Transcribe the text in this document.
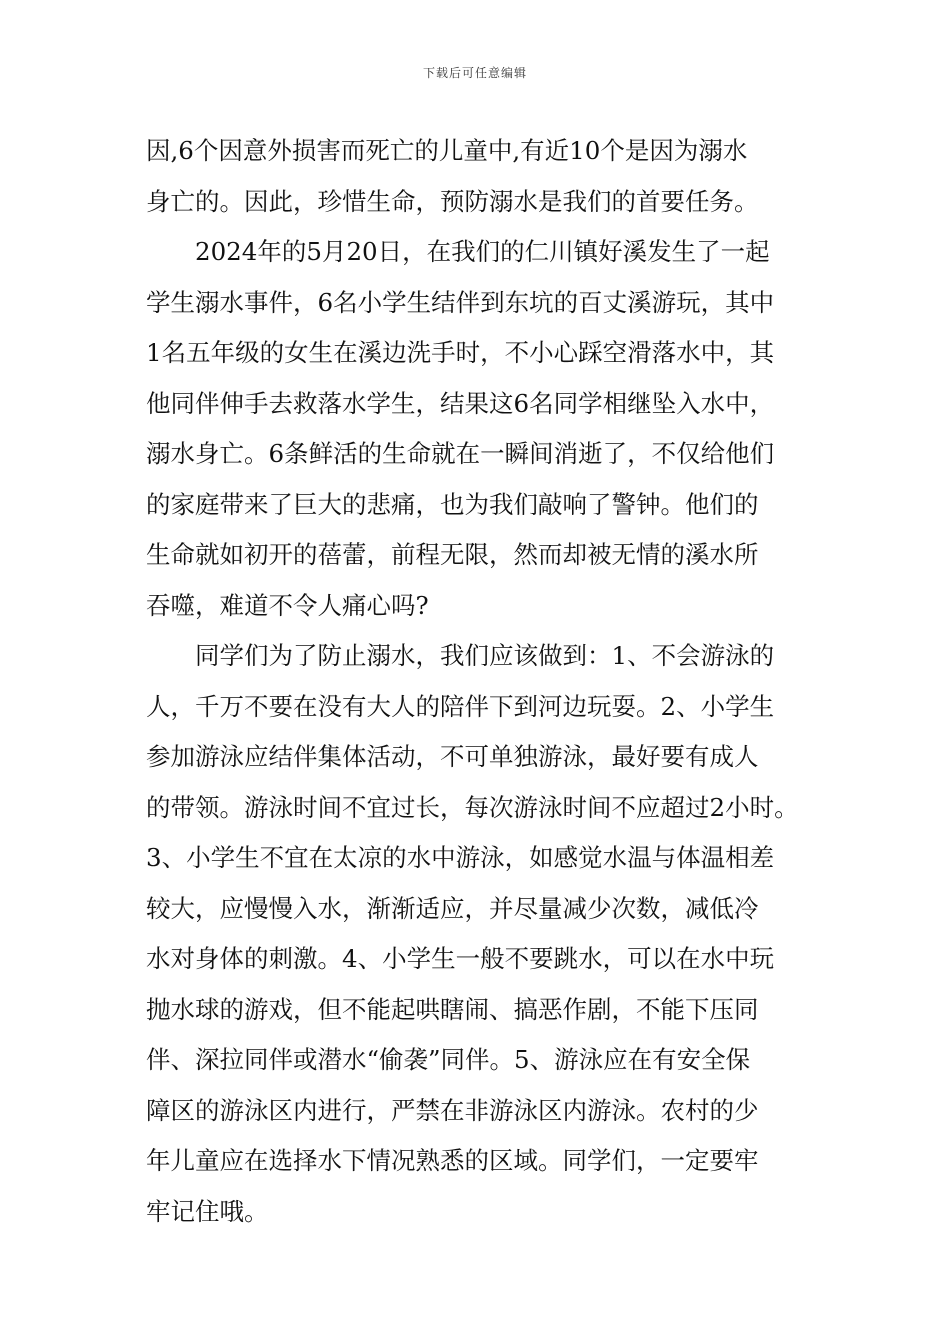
下载后可任意编辑

因,6个因意外损害而死亡的儿童中,有近10个是因为溺水
身亡的。因此，珍惜生命，预防溺水是我们的首要任务。

2024年的5月20日，在我们的仁川镇好溪发生了一起
学生溺水事件，6名小学生结伴到东坑的百丈溪游玩，其中
1名五年级的女生在溪边洗手时，不小心踩空滑落水中，其
他同伴伸手去救落水学生，结果这6名同学相继坠入水中，
溺水身亡。6条鲜活的生命就在一瞬间消逝了，不仅给他们
的家庭带来了巨大的悲痛，也为我们敲响了警钟。他们的
生命就如初开的蓓蕾，前程无限，然而却被无情的溪水所
吞噬，难道不令人痛心吗?

同学们为了防止溺水，我们应该做到：1、不会游泳的
人，千万不要在没有大人的陪伴下到河边玩耍。2、小学生
参加游泳应结伴集体活动，不可单独游泳，最好要有成人
的带领。游泳时间不宜过长，每次游泳时间不应超过2小时。
3、小学生不宜在太凉的水中游泳，如感觉水温与体温相差
较大，应慢慢入水，渐渐适应，并尽量减少次数，减低冷
水对身体的刺激。4、小学生一般不要跳水，可以在水中玩
抛水球的游戏，但不能起哄瞎闹、搞恶作剧，不能下压同
伴、深拉同伴或潜水“偷袭”同伴。5、游泳应在有安全保
障区的游泳区内进行，严禁在非游泳区内游泳。农村的少
年儿童应在选择水下情况熟悉的区域。同学们，一定要牢
牢记住哦。
